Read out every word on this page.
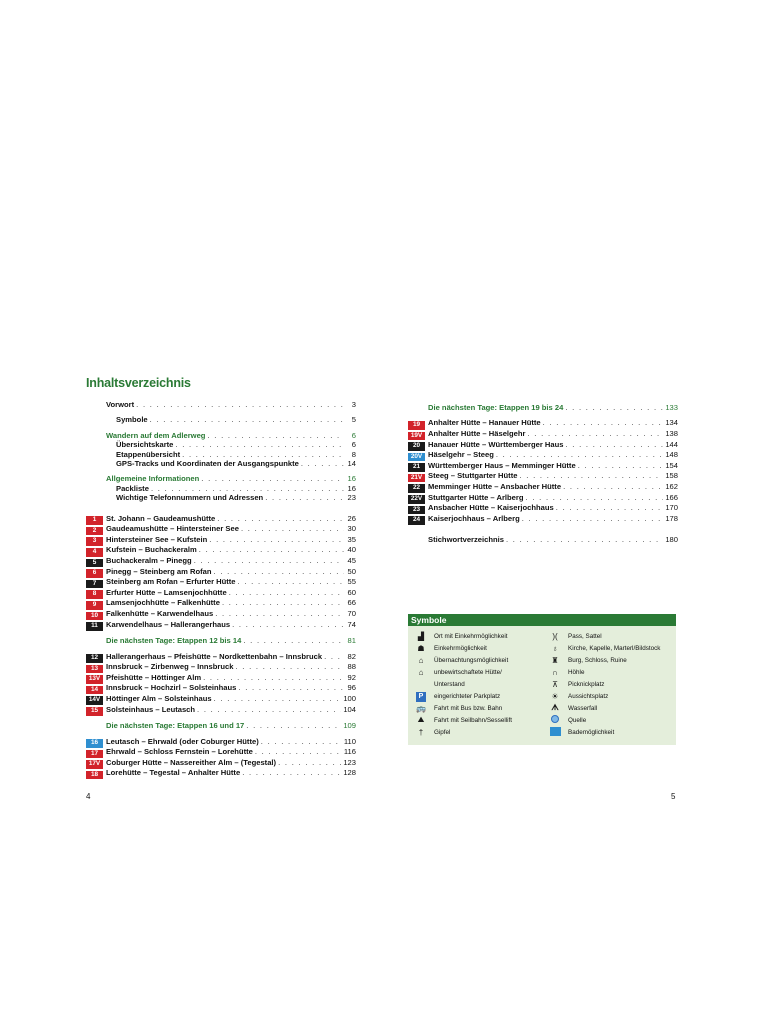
Inhaltsverzeichnis
Vorwort . . .	3
Symbole . . .	5
Wandern auf dem Adlerweg . . .	6
Übersichtskarte . . .	6
Etappenübersicht . . .	8
GPS-Tracks und Koordinaten der Ausgangspunkte . . .	14
Allgemeine Informationen . . .	16
Packliste . . .	16
Wichtige Telefonnummern und Adressen . . .	23
1	St. Johann – Gaudeamushütte . . .	26
2	Gaudeamushütte – Hintersteiner See . . .	30
3	Hintersteiner See – Kufstein . . .	35
4	Kufstein – Buchackeralm . . .	40
5	Buchackeralm – Pinegg . . .	45
6	Pinegg – Steinberg am Rofan . . .	50
7	Steinberg am Rofan – Erfurter Hütte . . .	55
8	Erfurter Hütte – Lamsenjochhütte . . .	60
9	Lamsenjochhütte – Falkenhütte . . .	66
10	Falkenhütte – Karwendelhaus . . .	70
11	Karwendelhaus – Hallerangerhaus . . .	74
Die nächsten Tage: Etappen 12 bis 14 . . .	81
12	Hallerangerhaus – Pfeishütte – Nordkettenbahn – Innsbruck . . .	82
13	Innsbruck – Zirbenweg – Innsbruck . . .	88
13V Pfeishütte – Höttinger Alm . . .	92
14	Innsbruck – Hochzirl – Solsteinhaus . . .	96
14V Höttinger Alm – Solsteinhaus . . .	100
15	Solsteinhaus – Leutasch . . .	104
Die nächsten Tage: Etappen 16 und 17 . . .	109
16	Leutasch – Ehrwald (oder Coburger Hütte) . . .	110
17	Ehrwald – Schloss Fernstein – Lorehütte . . .	116
17V Coburger Hütte – Nassereither Alm – (Tegestal) . . .	123
18	Lorehütte – Tegestal – Anhalter Hütte . . .	128
Die nächsten Tage: Etappen 19 bis 24 . . .	133
19	Anhalter Hütte – Hanauer Hütte . . .	134
19V Anhalter Hütte – Häselgehr . . .	138
20	Hanauer Hütte – Württemberger Haus . . .	144
20V Häselgehr – Steeg . . .	148
21	Württemberger Haus – Memminger Hütte . . .	154
21V Steeg – Stuttgarter Hütte . . .	158
22	Memminger Hütte – Ansbacher Hütte . . .	162
22V Stuttgarter Hütte – Arlberg . . .	166
23	Ansbacher Hütte – Kaiserjochhaus . . .	170
24	Kaiserjochhaus – Arlberg . . .	178
Stichwortverzeichnis . . .	180
Symbole
▟	Ort mit Einkehrmöglichkeit
☗	Einkehrmöglichkeit
⌂	Übernachtungsmöglichkeit
⌂	unbewirtschaftete Hütte/
Unterstand
P	eingerichteter Parkplatz
🚌	Fahrt mit Bus bzw. Bahn
⛰	Fahrt mit Seilbahn/Sessellift
†	Gipfel
)(	Pass, Sattel
♁	Kirche, Kapelle, Marterl/Bildstock
♜	Burg, Schloss, Ruine
∩	Höhle
⊼	Picknickplatz
☀	Aussichtsplatz
ᗑ	Wasserfall
Quelle
Bademöglichkeit
4	5
